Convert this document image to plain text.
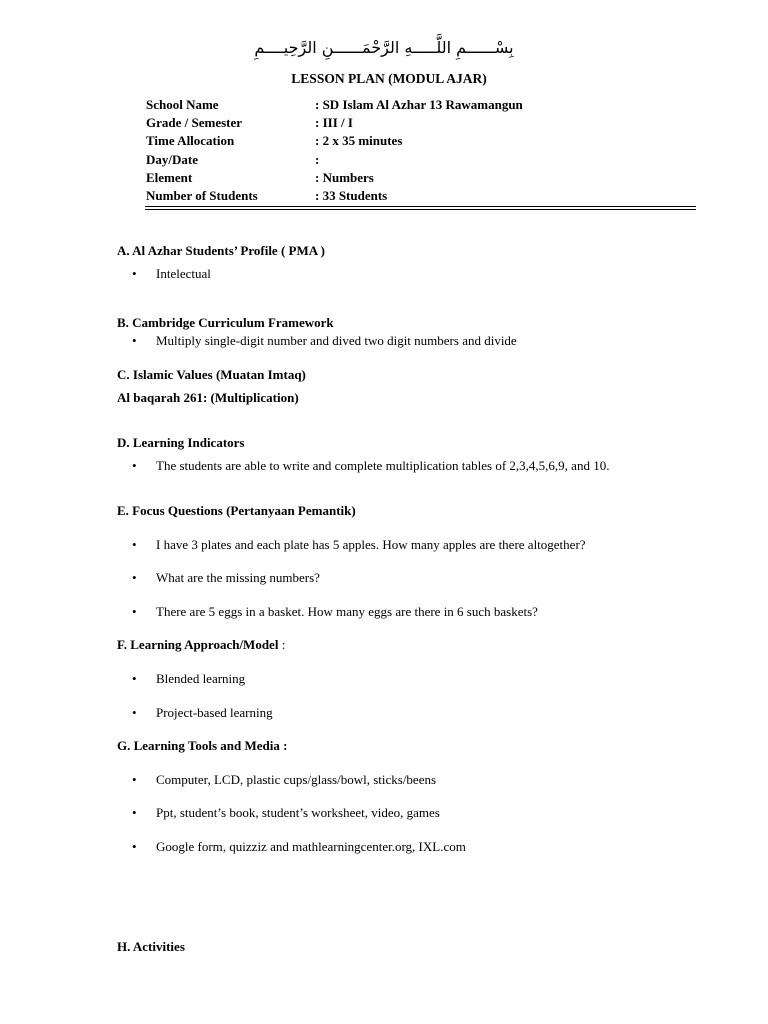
بِسْــــــمِ اللَّـــــهِ الرَّحْمَــــــنِ الرَّحِيــــمِ
LESSON PLAN (MODUL AJAR)
School Name	: SD Islam Al Azhar 13 Rawamangun
Grade / Semester	: III / I
Time Allocation	: 2 x 35 minutes
Day/Date	:
Element	: Numbers
Number of Students	: 33 Students
A. Al Azhar Students’ Profile ( PMA )
• Intelectual
B. Cambridge Curriculum Framework
• Multiply single-digit number and dived two digit numbers and divide
C. Islamic Values (Muatan Imtaq)
Al baqarah 261: (Multiplication)
D. Learning Indicators
• The students are able to write and complete multiplication tables of 2,3,4,5,6,9, and 10.
E. Focus Questions (Pertanyaan Pemantik)
• I have 3 plates and each plate has 5 apples. How many apples are there altogether?
• What are the missing numbers?
• There are 5 eggs in a basket. How many eggs are there in 6 such baskets?
F. Learning Approach/Model :
• Blended learning
• Project-based learning
G. Learning Tools and Media :
• Computer, LCD, plastic cups/glass/bowl, sticks/beens
• Ppt, student’s book, student’s worksheet, video, games
• Google form, quizziz and mathlearningcenter.org, IXL.com
H. Activities
